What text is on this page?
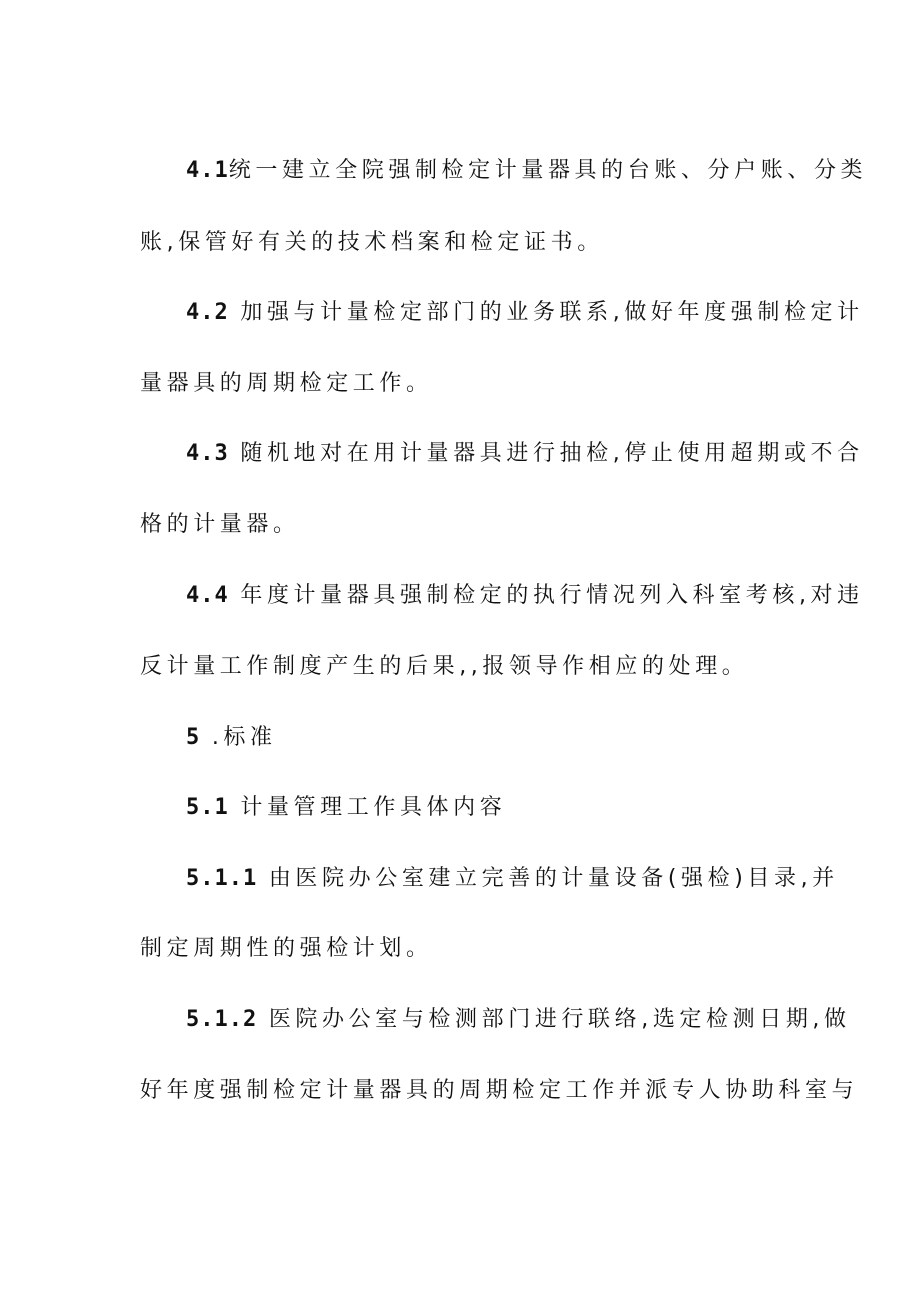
4.1统一建立全院强制检定计量器具的台账、分户账、分类
账,保管好有关的技术档案和检定证书。
4.2 加强与计量检定部门的业务联系,做好年度强制检定计
量器具的周期检定工作。
4.3 随机地对在用计量器具进行抽检,停止使用超期或不合
格的计量器。
4.4 年度计量器具强制检定的执行情况列入科室考核,对违
反计量工作制度产生的后果,,报领导作相应的处理。
5 .标准
5.1 计量管理工作具体内容
5.1.1 由医院办公室建立完善的计量设备(强检)目录,并
制定周期性的强检计划。
5.1.2 医院办公室与检测部门进行联络,选定检测日期,做
好年度强制检定计量器具的周期检定工作并派专人协助科室与
